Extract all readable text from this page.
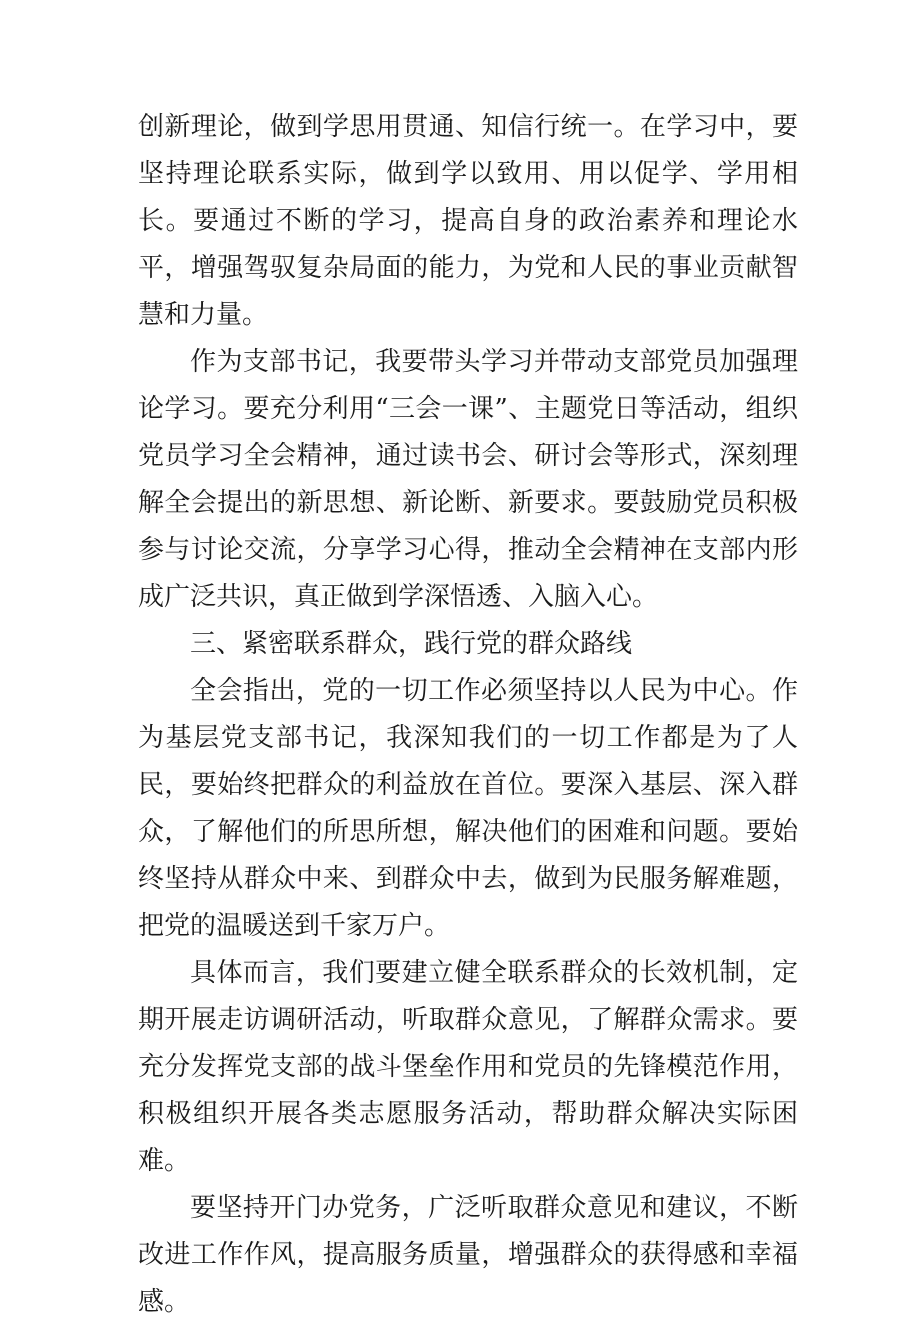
创新理论，做到学思用贯通、知信行统一。在学习中，要坚持理论联系实际，做到学以致用、用以促学、学用相长。要通过不断的学习，提高自身的政治素养和理论水平，增强驾驭复杂局面的能力，为党和人民的事业贡献智慧和力量。

作为支部书记，我要带头学习并带动支部党员加强理论学习。要充分利用“三会一课”、主题党日等活动，组织党员学习全会精神，通过读书会、研讨会等形式，深刻理解全会提出的新思想、新论断、新要求。要鼓励党员积极参与讨论交流，分享学习心得，推动全会精神在支部内形成广泛共识，真正做到学深悟透、入脑入心。

三、紧密联系群众，践行党的群众路线

全会指出，党的一切工作必须坚持以人民为中心。作为基层党支部书记，我深知我们的一切工作都是为了人民，要始终把群众的利益放在首位。要深入基层、深入群众，了解他们的所思所想，解决他们的困难和问题。要始终坚持从群众中来、到群众中去，做到为民服务解难题，把党的温暖送到千家万户。

具体而言，我们要建立健全联系群众的长效机制，定期开展走访调研活动，听取群众意见，了解群众需求。要充分发挥党支部的战斗堡垒作用和党员的先锋模范作用，积极组织开展各类志愿服务活动，帮助群众解决实际困难。

要坚持开门办党务，广泛听取群众意见和建议，不断改进工作作风，提高服务质量，增强群众的获得感和幸福感。
